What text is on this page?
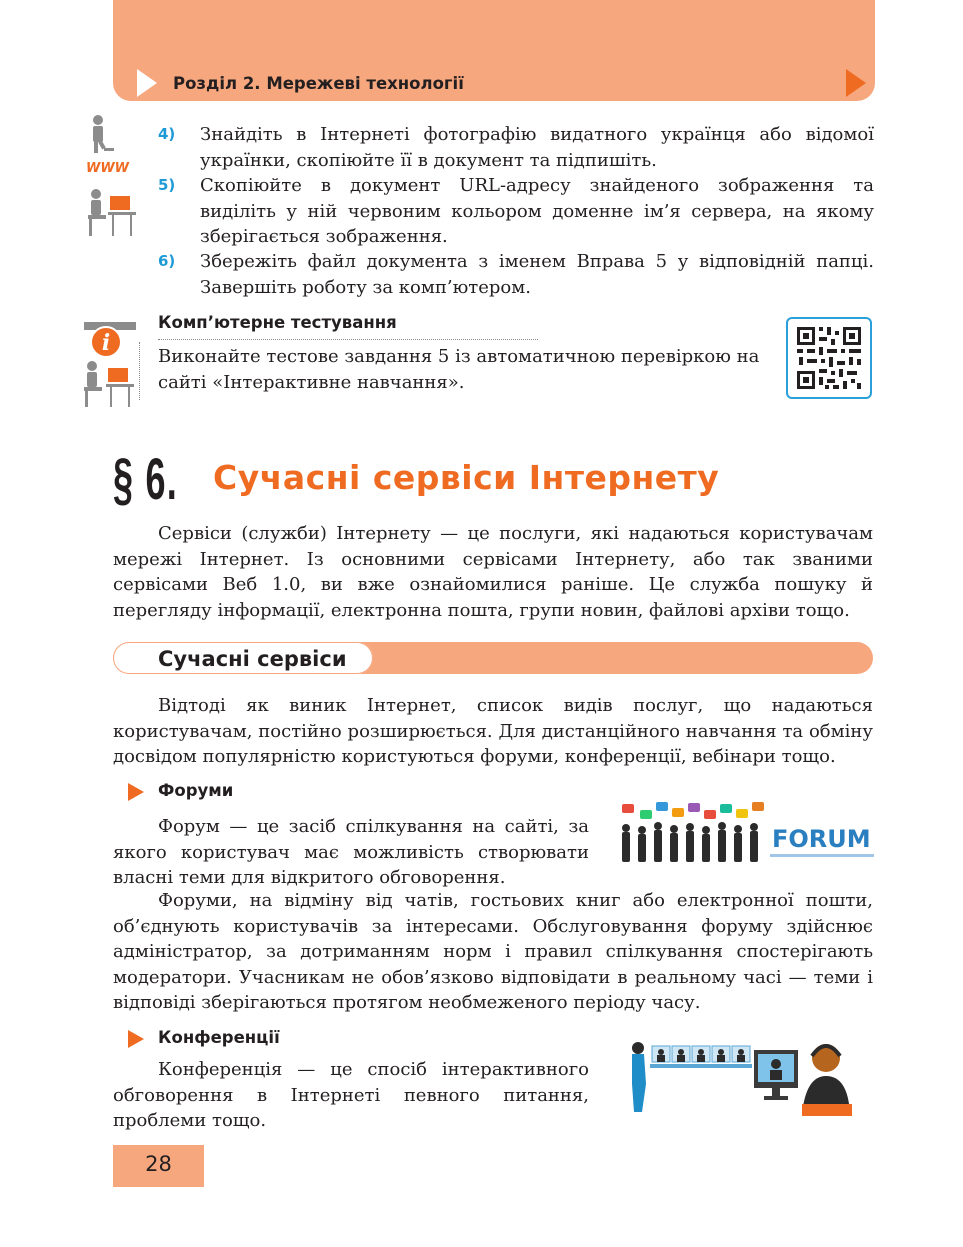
Розділ 2. Мережеві технології
WWW
4) Знайдіть в Інтернеті фотографію видатного українця або відомої українки, скопіюйте її в документ та підпишіть.
5) Скопіюйте в документ URL-адресу знайденого зображення та виділіть у ній червоним кольором доменне ім’я сервера, на якому зберігається зображення.
6) Збережіть файл документа з іменем Вправа 5 у відповідній папці. Завершіть роботу за комп’ютером.
i
Комп’ютерне тестування
Виконайте тестове завдання 5 із автоматичною перевіркою на сайті «Інтерактивне навчання».
§ 6. Сучасні сервіси Інтернету
Сервіси (служби) Інтернету — це послуги, які надаються користувачам мережі Інтернет. Із основними сервісами Інтернету, або так званими сервісами Веб 1.0, ви вже ознайомилися раніше. Це служба пошуку й перегляду інформації, електронна пошта, групи новин, файлові архіви тощо.
Сучасні сервіси
Відтоді як виник Інтернет, список видів послуг, що надаються користувачам, постійно розширюється. Для дистанційного навчання та обміну досвідом популярністю користуються форуми, конференції, вебінари тощо.
Форуми
Форум — це засіб спілкування на сайті, за якого користувач має можливість створювати власні теми для відкритого обговорення.
FORUM
Форуми, на відміну від чатів, гостьових книг або електронної пошти, об’єднують користувачів за інтересами. Обслуговування форуму здійснює адміністратор, за дотриманням норм і правил спілкування спостерігають модератори. Учасникам не обов’язково відповідати в реальному часі — теми і відповіді зберігаються протягом необмеженого періоду часу.
Конференції
Конференція — це спосіб інтерактивного обговорення в Інтернеті певного питання, проблеми тощо.
28
